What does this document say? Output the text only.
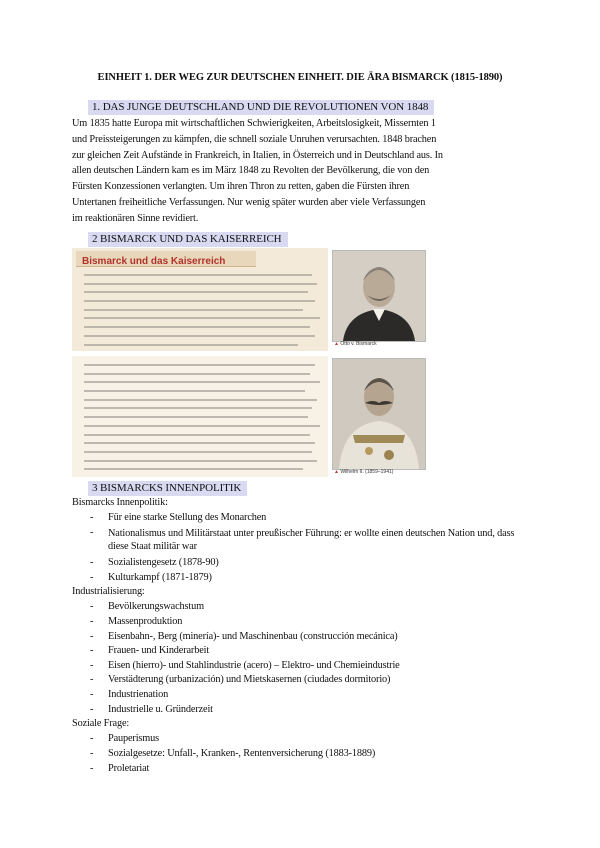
EINHEIT 1. DER WEG ZUR DEUTSCHEN EINHEIT. DIE ÄRA BISMARCK (1815-1890)
1. DAS JUNGE DEUTSCHLAND UND DIE REVOLUTIONEN VON 1848
Um 1835 hatte Europa mit wirtschaftlichen Schwierigkeiten, Arbeitslosigkeit, Missernten 1
und Preissteigerungen zu kämpfen, die schnell soziale Unruhen verursachten. 1848 brachen
zur gleichen Zeit Aufstände in Frankreich, in Italien, in Österreich und in Deutschland aus. In
allen deutschen Ländern kam es im März 1848 zu Revolten der Bevölkerung, die von den
Fürsten Konzessionen verlangten. Um ihren Thron zu retten, gaben die Fürsten ihren
Untertanen freiheitliche Verfassungen. Nur wenig später wurden aber viele Verfassungen
im reaktionären Sinne revidiert.
2 BISMARCK UND DAS KAISERREICH
Bismarck und das Kaiserreich
▲ Otto v. Bismarck
▲ Wilhelm II. (1859–1941)
3 BISMARCKS INNENPOLITIK
Bismarcks Innenpolitik:
- Für eine starke Stellung des Monarchen
- Nationalismus und Militärstaat unter preußischer Führung: er wollte einen deutschen Nation und, dass diese Staat militär war
- Sozialistengesetz (1878-90)
- Kulturkampf (1871-1879)
Industrialisierung:
- Bevölkerungswachstum
- Massenproduktion
- Eisenbahn-, Berg (minería)- und Maschinenbau (construcción mecánica)
- Frauen- und Kinderarbeit
- Eisen (hierro)- und Stahlindustrie (acero) – Elektro- und Chemieindustrie
- Verstädterung (urbanización) und Mietskasernen (ciudades dormitorio)
- Industrienation
- Industrielle u. Gründerzeit
Soziale Frage:
- Pauperismus
- Sozialgesetze: Unfall-, Kranken-, Rentenversicherung (1883-1889)
- Proletariat
